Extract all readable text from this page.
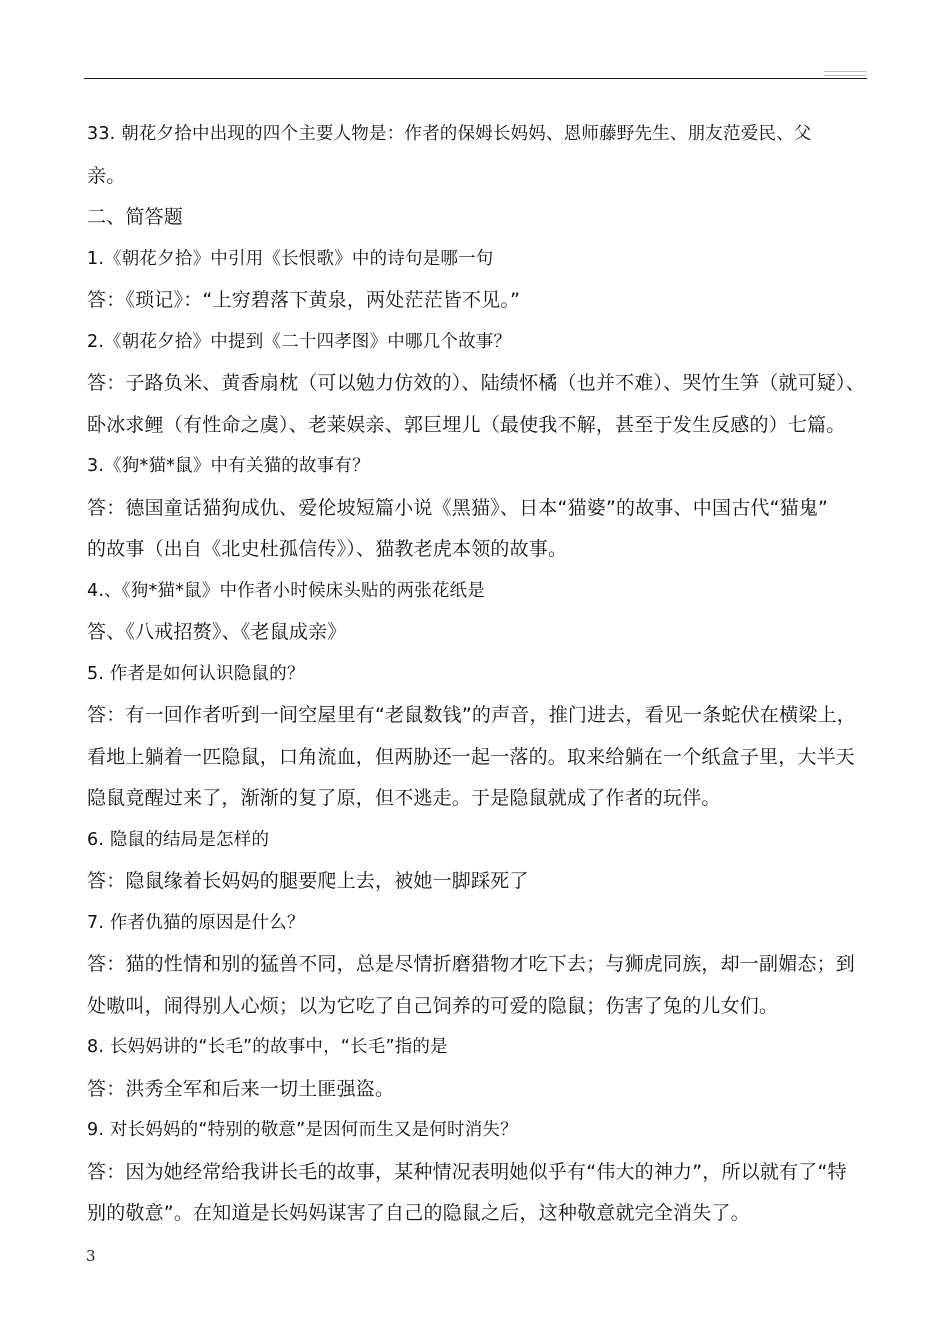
33. 朝花夕拾中出现的四个主要人物是：作者的保姆长妈妈、恩师藤野先生、朋友范爱民、父
亲。
二、简答题
1.《朝花夕拾》中引用《长恨歌》中的诗句是哪一句
答：《琐记》：“上穷碧落下黄泉，两处茫茫皆不见。”
2.《朝花夕拾》中提到《二十四孝图》中哪几个故事？
答：子路负米、黄香扇枕（可以勉力仿效的）、陆绩怀橘（也并不难）、哭竹生笋（就可疑）、
卧冰求鲤（有性命之虞）、老莱娱亲、郭巨埋儿（最使我不解，甚至于发生反感的）七篇。
3.《狗*猫*鼠》中有关猫的故事有？
答：德国童话猫狗成仇、爱伦坡短篇小说《黑猫》、日本“猫婆”的故事、中国古代“猫鬼”
的故事（出自《北史杜孤信传》）、猫教老虎本领的故事。
4.、《狗*猫*鼠》中作者小时候床头贴的两张花纸是
答、《八戒招赘》、《老鼠成亲》
5. 作者是如何认识隐鼠的？
答：有一回作者听到一间空屋里有“老鼠数钱”的声音，推门进去，看见一条蛇伏在横梁上，
看地上躺着一匹隐鼠，口角流血，但两胁还一起一落的。取来给躺在一个纸盒子里，大半天
隐鼠竟醒过来了，渐渐的复了原，但不逃走。于是隐鼠就成了作者的玩伴。
6. 隐鼠的结局是怎样的
答：隐鼠缘着长妈妈的腿要爬上去，被她一脚踩死了
7. 作者仇猫的原因是什么？
答：猫的性情和别的猛兽不同，总是尽情折磨猎物才吃下去；与狮虎同族，却一副媚态；到
处嗷叫，闹得别人心烦；以为它吃了自己饲养的可爱的隐鼠；伤害了兔的儿女们。
8. 长妈妈讲的“长毛”的故事中，“长毛”指的是
答：洪秀全军和后来一切土匪强盗。
9. 对长妈妈的“特别的敬意”是因何而生又是何时消失？
答：因为她经常给我讲长毛的故事，某种情况表明她似乎有“伟大的神力”，所以就有了“特
别的敬意”。在知道是长妈妈谋害了自己的隐鼠之后，这种敬意就完全消失了。
3
